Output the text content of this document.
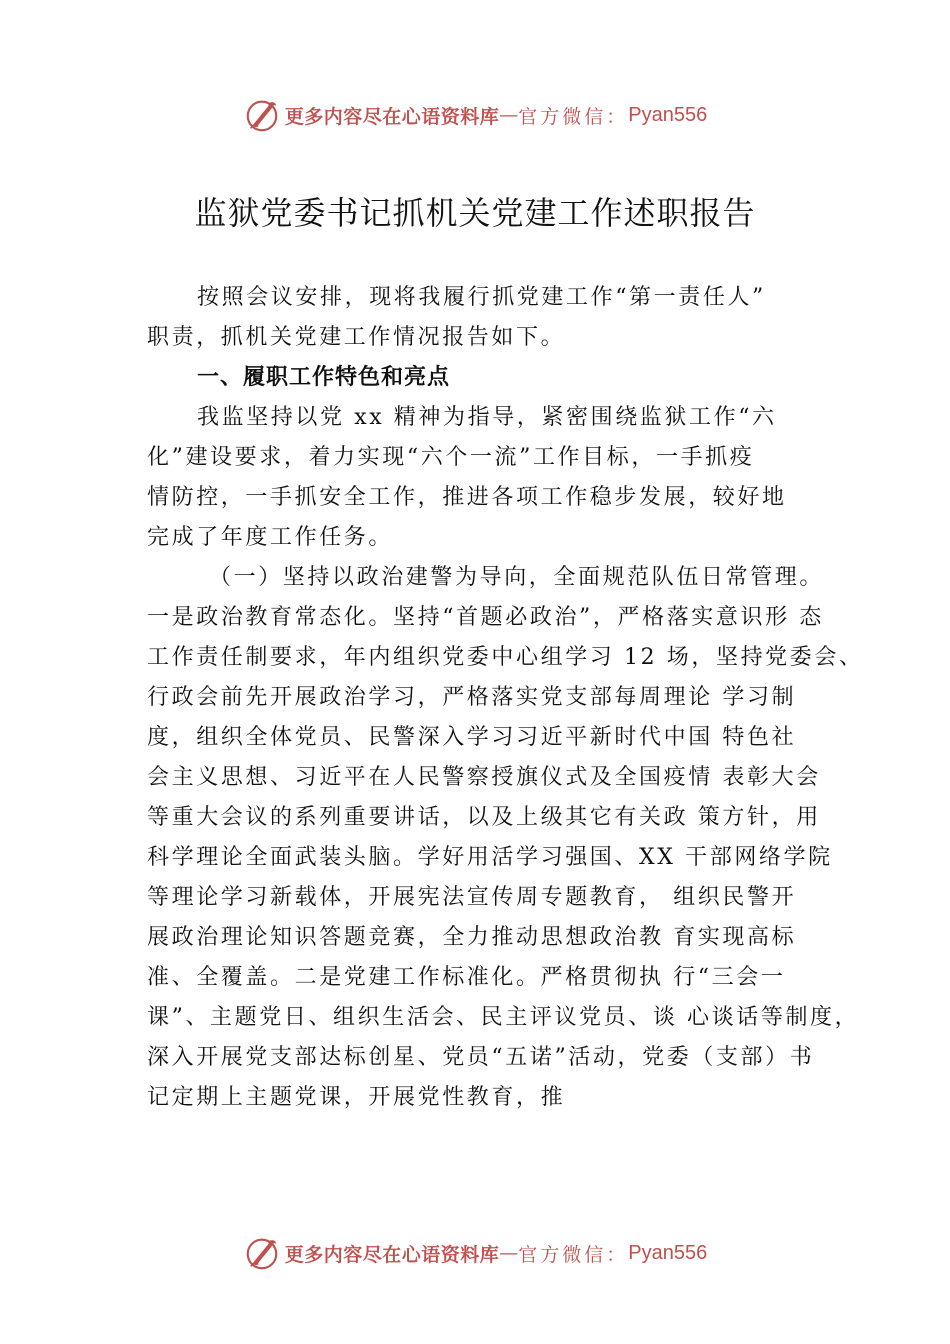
更多内容尽在心语资料库 — 官方微信： Pyan556
监狱党委书记抓机关党建工作述职报告

按照会议安排，现将我履行抓党建工作“第一责任人”

职责，抓机关党建工作情况报告如下。

一、履职工作特色和亮点

我监坚持以党 xx 精神为指导，紧密围绕监狱工作“六
化”建设要求，着力实现“六个一流”工作目标，一手抓疫
情防控，一手抓安全工作，推进各项工作稳步发展，较好地
完成了年度工作任务。

（一）坚持以政治建警为导向，全面规范队伍日常管理。
一是政治教育常态化。坚持“首题必政治”，严格落实意识形 态
工作责任制要求，年内组织党委中心组学习 12 场，坚持党委会、
行政会前先开展政治学习，严格落实党支部每周理论 学习制
度，组织全体党员、民警深入学习习近平新时代中国 特色社
会主义思想、习近平在人民警察授旗仪式及全国疫情 表彰大会
等重大会议的系列重要讲话，以及上级其它有关政 策方针，用
科学理论全面武装头脑。学好用活学习强国、XX 干部网络学院
等理论学习新载体，开展宪法宣传周专题教育， 组织民警开
展政治理论知识答题竞赛，全力推动思想政治教 育实现高标
准、全覆盖。二是党建工作标准化。严格贯彻执 行“三会一
课”、主题党日、组织生活会、民主评议党员、谈 心谈话等制度，
深入开展党支部达标创星、党员“五诺”活动，党委（支部）书
记定期上主题党课，开展党性教育，推

更多内容尽在心语资料库 — 官方微信： Pyan556
